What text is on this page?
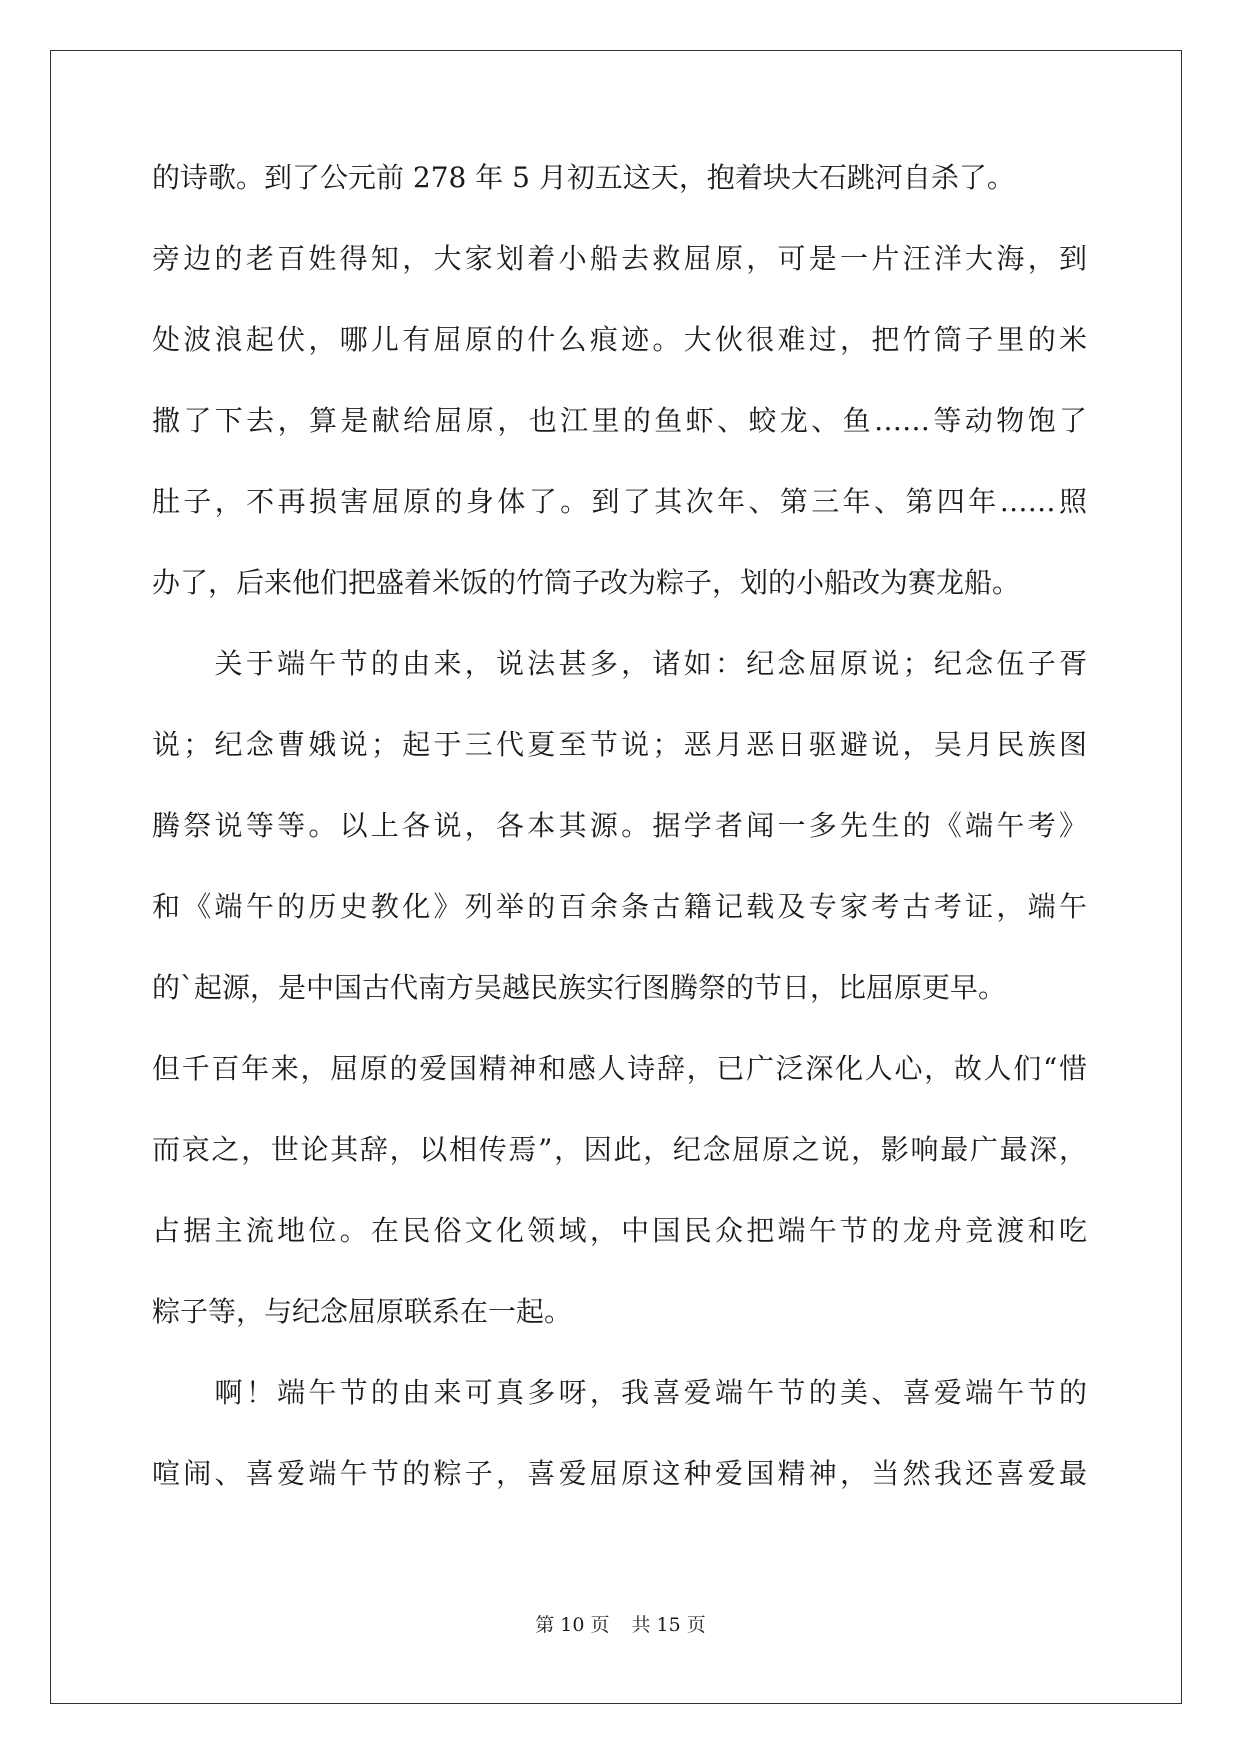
的诗歌。到了公元前 278 年 5 月初五这天，抱着块大石跳河自杀了。
旁边的老百姓得知，大家划着小船去救屈原，可是一片汪洋大海，到
处波浪起伏，哪儿有屈原的什么痕迹。大伙很难过，把竹筒子里的米
撒了下去，算是献给屈原，也江里的鱼虾、蛟龙、鱼……等动物饱了
肚子，不再损害屈原的身体了。到了其次年、第三年、第四年……照
办了，后来他们把盛着米饭的竹筒子改为粽子，划的小船改为赛龙船。
　　关于端午节的由来，说法甚多，诸如：纪念屈原说；纪念伍子胥
说；纪念曹娥说；起于三代夏至节说；恶月恶日驱避说，吴月民族图
腾祭说等等。以上各说，各本其源。据学者闻一多先生的《端午考》
和《端午的历史教化》列举的百余条古籍记载及专家考古考证，端午
的`起源，是中国古代南方吴越民族实行图腾祭的节日，比屈原更早。
但千百年来，屈原的爱国精神和感人诗辞，已广泛深化人心，故人们“惜
而哀之，世论其辞，以相传焉”，因此，纪念屈原之说，影响最广最深，
占据主流地位。在民俗文化领域，中国民众把端午节的龙舟竞渡和吃
粽子等，与纪念屈原联系在一起。
　　啊！端午节的由来可真多呀，我喜爱端午节的美、喜爱端午节的
喧闹、喜爱端午节的粽子，喜爱屈原这种爱国精神，当然我还喜爱最
第 10 页 共 15 页
